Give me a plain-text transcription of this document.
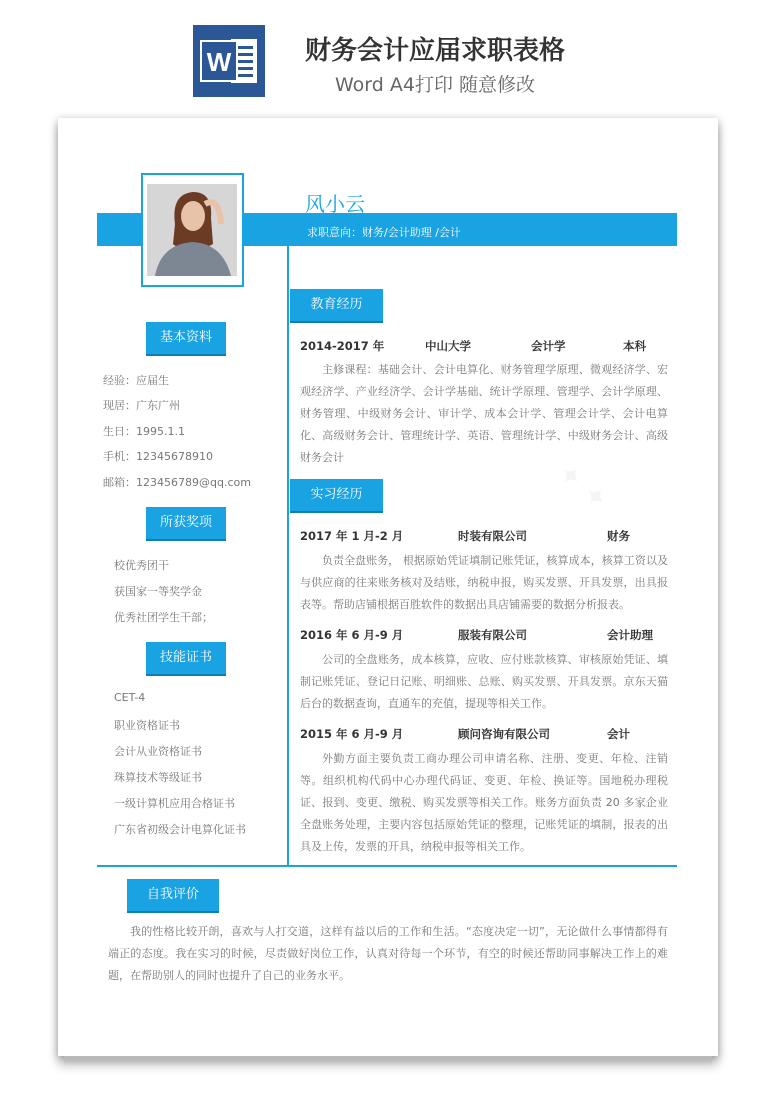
W	财务会计应届求职表格
Word A4打印 随意修改
✦ ✦
风小云
求职意向：财务/会计助理 /会计
基本资料
经验：应届生
现居：广东广州
生日：1995.1.1
手机：12345678910
邮箱：123456789@qq.com
所获奖项
校优秀团干
获国家一等奖学金
优秀社团学生干部；
技能证书
CET-4
职业资格证书
会计从业资格证书
珠算技术等级证书
一级计算机应用合格证书
广东省初级会计电算化证书
教育经历
2014-2017 年	中山大学	会计学	本科
主修课程：基础会计、会计电算化、财务管理学原理、微观经济学、宏观经济学、产业经济学、会计学基础、统计学原理、管理学、会计学原理、财务管理、中级财务会计、审计学、成本会计学、管理会计学、会计电算化、高级财务会计、管理统计学、英语、管理统计学、中级财务会计、高级财务会计
实习经历
2017 年 1 月-2 月	时装有限公司	财务
负责全盘账务， 根据原始凭证填制记账凭证，核算成本，核算工资以及与供应商的往来账务核对及结账，纳税申报，购买发票、开具发票，出具报表等。帮助店铺根据百胜软件的数据出具店铺需要的数据分析报表。
2016 年 6 月-9 月	服装有限公司	会计助理
公司的全盘账务，成本核算，应收、应付账款核算、审核原始凭证、填制记账凭证、登记日记账、明细账、总账、购买发票、开具发票。京东天猫后台的数据查询，直通车的充值，提现等相关工作。
2015 年 6 月-9 月	顾问咨询有限公司	会计
外勤方面主要负责工商办理公司申请名称、注册、变更、年检、注销等。组织机构代码中心办理代码证、变更、年检、换证等。国地税办理税证、报到、变更、缴税、购买发票等相关工作。账务方面负责 20 多家企业全盘账务处理，主要内容包括原始凭证的整理，记账凭证的填制，报表的出具及上传，发票的开具，纳税申报等相关工作。
自我评价
我的性格比较开朗，喜欢与人打交道，这样有益以后的工作和生活。“态度决定一切”，无论做什么事情都得有端正的态度。我在实习的时候，尽责做好岗位工作，认真对待每一个环节，有空的时候还帮助同事解决工作上的难题，在帮助别人的同时也提升了自己的业务水平。
